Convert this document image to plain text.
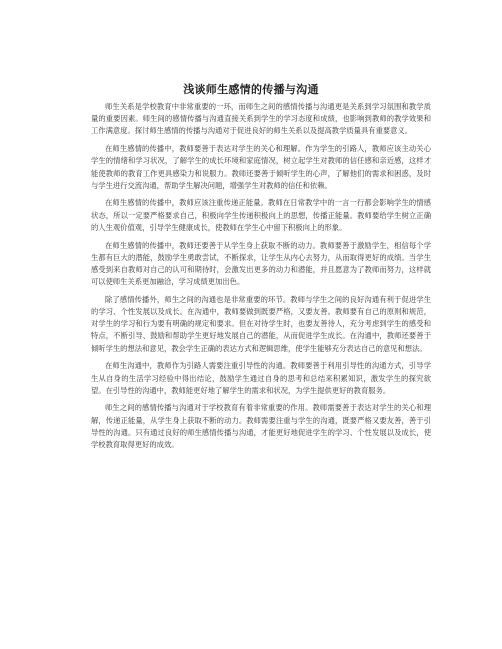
浅谈师生感情的传播与沟通

师生关系是学校教育中非常重要的一环，而师生之间的感情传播与沟通更是关系到学习氛围和教学质量的重要因素。师生间的感情传播与沟通直接关系到学生的学习态度和成绩，也影响到教师的教学效果和工作满意度。探讨师生感情的传播与沟通对于促进良好的师生关系以及提高教学质量具有重要意义。

在师生感情的传播中，教师要善于表达对学生的关心和理解。作为学生的引路人，教师应该主动关心学生的情绪和学习状况，了解学生的成长环境和家庭情况，树立起学生对教师的信任感和亲近感，这样才能使教师的教育工作更具感染力和说服力。教师还要善于倾听学生的心声，了解他们的需求和困惑，及时与学生进行交流沟通，帮助学生解决问题，增强学生对教师的信任和依赖。

在师生感情的传播中，教师应该注重传递正能量。教师在日常教学中的一言一行都会影响学生的情感状态，所以一定要严格要求自己，积极向学生传递积极向上的思想，传播正能量。教师要给学生树立正确的人生观价值观，引导学生健康成长，使教师在学生心中留下积极向上的形象。

在师生感情的传播中，教师还要善于从学生身上获取不断的动力。教师要善于激励学生，相信每个学生都有巨大的潜能，鼓励学生勇敢尝试，不断探求，让学生从内心去努力，从而取得更好的成绩。当学生感受到来自教师对自己的认可和期待时，会激发出更多的动力和潜能，并且愿意为了教师而努力，这样就可以使师生关系更加融洽，学习成绩更加出色。

除了感情传播外，师生之间的沟通也是非常重要的环节。教师与学生之间的良好沟通有利于促进学生的学习、个性发展以及成长。在沟通中，教师要做到既要严格，又要友善。教师要有自己的原则和规范，对学生的学习和行为要有明确的规定和要求。但在对待学生时，也要友善待人，充分考虑到学生的感受和特点，不断引导、鼓励和帮助学生更好地发展自己的潜能，从而促进学生成长。在沟通中，教师还要善于倾听学生的想法和意见，教会学生正确的表达方式和逻辑思维，使学生能够充分表达自己的意见和想法。

在师生沟通中，教师作为引路人需要注重引导性的沟通。教师要善于利用引导性的沟通方式，引导学生从自身的生活学习经验中得出结论，鼓励学生通过自身的思考和总结来积累知识，激发学生的探究欲望。在引导性的沟通中，教师能更好地了解学生的需求和状况，为学生提供更好的教育服务。

师生之间的感情传播与沟通对于学校教育有着非常重要的作用。教师需要善于表达对学生的关心和理解，传递正能量，从学生身上获取不断的动力。教师需要注重与学生的沟通，既要严格又要友善，善于引导性的沟通。只有通过良好的师生感情传播与沟通，才能更好地促进学生的学习、个性发展以及成长，使学校教育取得更好的成效。
